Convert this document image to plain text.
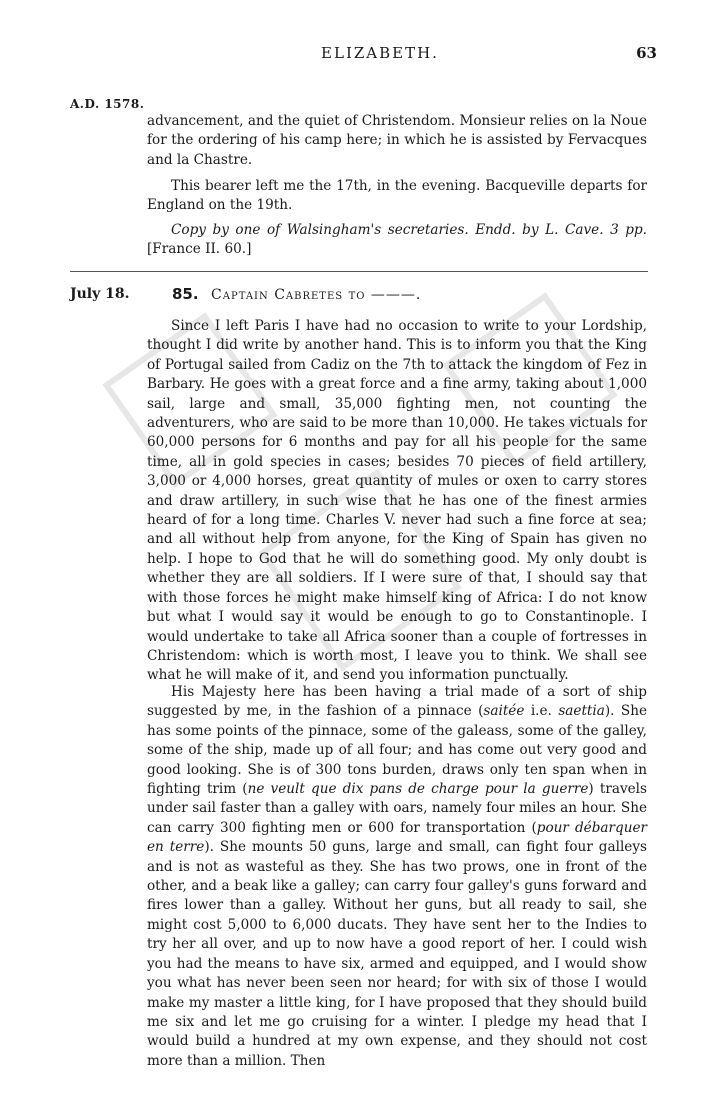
ELIZABETH.	63
A.D. 1578.

advancement, and the quiet of Christendom. Monsieur relies on la Noue for the ordering of his camp here; in which he is assisted by Fervacques and la Chastre.

This bearer left me the 17th, in the evening. Bacqueville departs for England on the 19th.

Copy by one of Walsingham's secretaries. Endd. by L. Cave. 3 pp. [France II. 60.]

July 18.	85. Captain Cabretes to ———.

Since I left Paris I have had no occasion to write to your Lordship, thought I did write by another hand. This is to inform you that the King of Portugal sailed from Cadiz on the 7th to attack the kingdom of Fez in Barbary. He goes with a great force and a fine army, taking about 1,000 sail, large and small, 35,000 fighting men, not counting the adventurers, who are said to be more than 10,000. He takes victuals for 60,000 persons for 6 months and pay for all his people for the same time, all in gold species in cases; besides 70 pieces of field artillery, 3,000 or 4,000 horses, great quantity of mules or oxen to carry stores and draw artillery, in such wise that he has one of the finest armies heard of for a long time. Charles V. never had such a fine force at sea; and all without help from anyone, for the King of Spain has given no help. I hope to God that he will do something good. My only doubt is whether they are all soldiers. If I were sure of that, I should say that with those forces he might make himself king of Africa: I do not know but what I would say it would be enough to go to Constantinople. I would undertake to take all Africa sooner than a couple of fortresses in Christendom: which is worth most, I leave you to think. We shall see what he will make of it, and send you information punctually.

His Majesty here has been having a trial made of a sort of ship suggested by me, in the fashion of a pinnace (saitée i.e. saettia). She has some points of the pinnace, some of the galeass, some of the galley, some of the ship, made up of all four; and has come out very good and good looking. She is of 300 tons burden, draws only ten span when in fighting trim (ne veult que dix pans de charge pour la guerre) travels under sail faster than a galley with oars, namely four miles an hour. She can carry 300 fighting men or 600 for transportation (pour débarquer en terre). She mounts 50 guns, large and small, can fight four galleys and is not as wasteful as they. She has two prows, one in front of the other, and a beak like a galley; can carry four galley's guns forward and fires lower than a galley. Without her guns, but all ready to sail, she might cost 5,000 to 6,000 ducats. They have sent her to the Indies to try her all over, and up to now have a good report of her. I could wish you had the means to have six, armed and equipped, and I would show you what has never been seen nor heard; for with six of those I would make my master a little king, for I have proposed that they should build me six and let me go cruising for a winter. I pledge my head that I would build a hundred at my own expense, and they should not cost more than a million. Then
